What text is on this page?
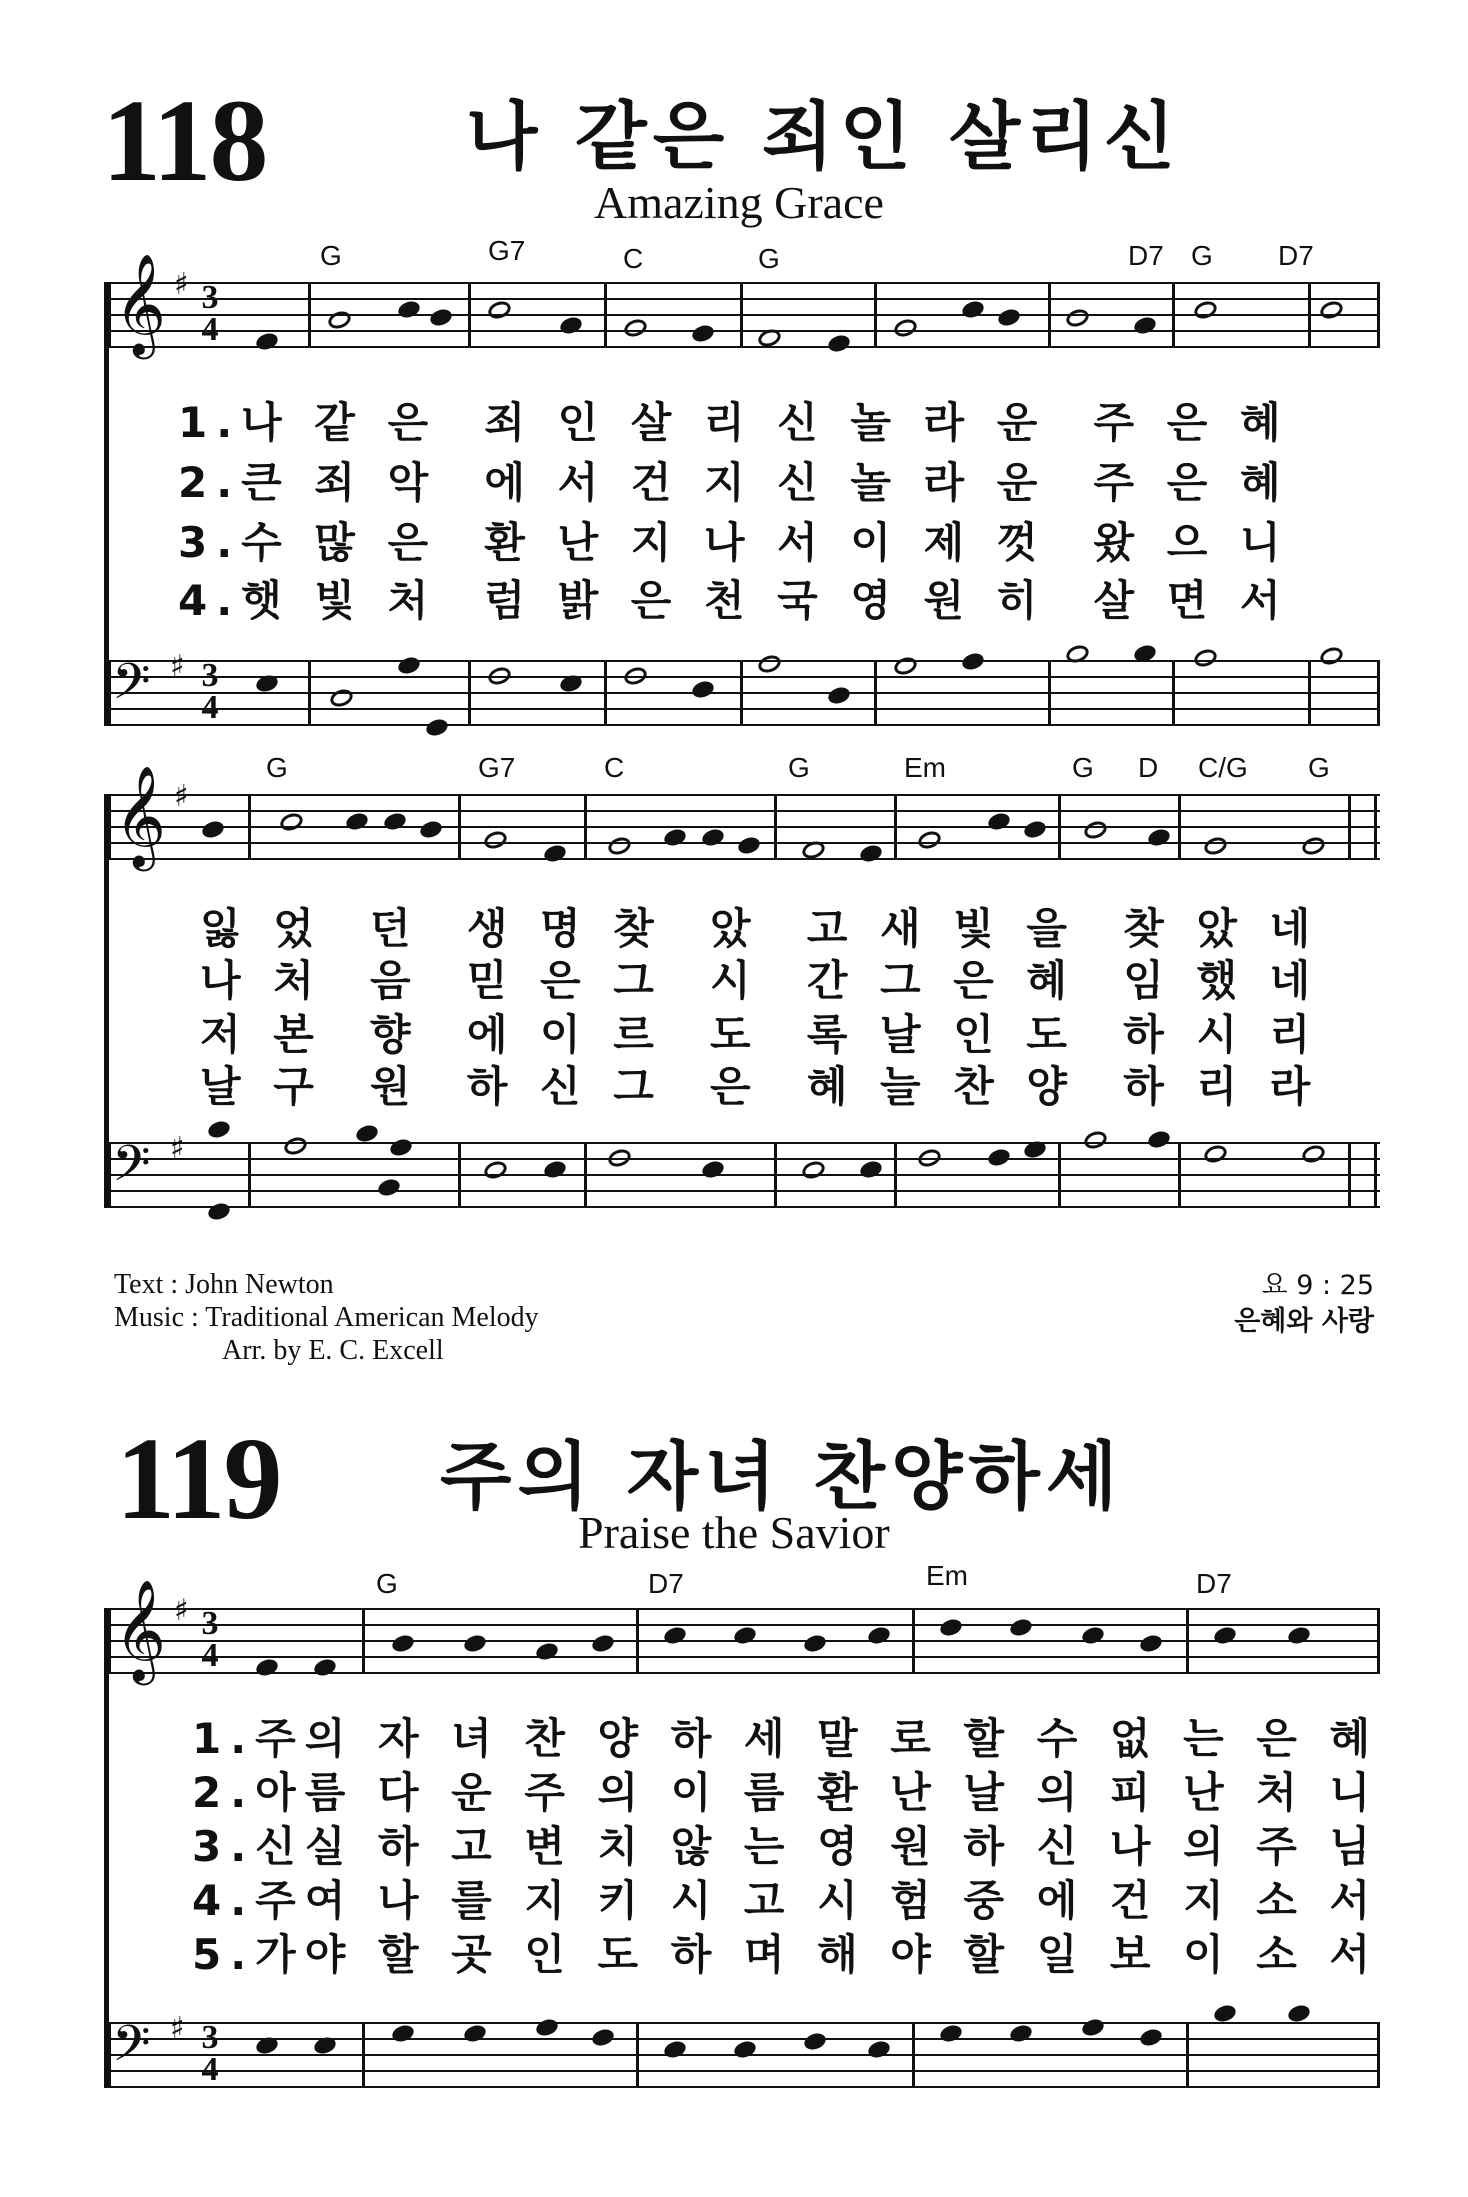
118	나 같은 죄인 살리신
Amazing Grace
G	G7	C	G	D7 G D7
𝄞 ♯ 3
4
1.나 같 은  죄 인 살 리 신 놀 라 운  주 은 혜
2.큰 죄 악  에 서 건 지 신 놀 라 운  주 은 혜
3.수 많 은  환 난 지 나 서 이 제 껏  왔 으 니
4.햇 빛 처  럼 밝 은 천 국 영 원 히  살 면 서
𝄢 ♯ 3
4
G	G7	C	G	Em	G D C/G G
𝄞 ♯
잃 었  던  생 명 찾  았  고 새 빛 을  찾 았 네
나 처  음  믿 은 그  시  간 그 은 혜  임 했 네
저 본  향  에 이 르  도  록 날 인 도  하 시 리
날 구  원  하 신 그  은  혜 늘 찬 양  하 리 라
𝄢 ♯
Text : John Newton
Music : Traditional American Melody
Arr. by E. C. Excell
요 9 : 25
은혜와 사랑
119 주의 자녀 찬양하세
Praise the Savior
G	D7	Em	D7
𝄞 ♯ 3
4
1.주의 자 녀 찬 양 하 세 말 로 할 수 없 는 은 혜
2.아름 다 운 주 의 이 름 환 난 날 의 피 난 처 니
3.신실 하 고 변 치 않 는 영 원 하 신 나 의 주 님
4.주여 나 를 지 키 시 고 시 험 중 에 건 지 소 서
5.가야 할 곳 인 도 하 며 해 야 할 일 보 이 소 서
𝄢 ♯ 3
4
